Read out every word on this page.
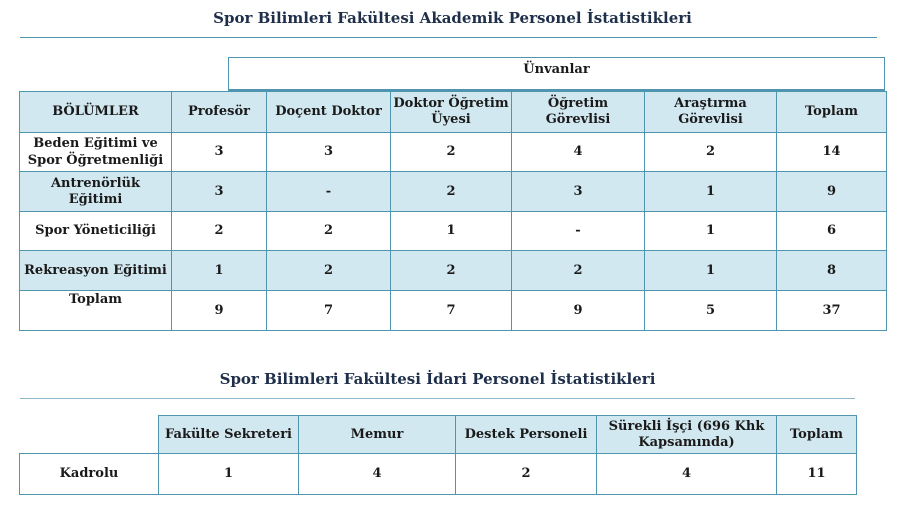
Spor Bilimleri Fakültesi Akademik Personel İstatistikleri
Ünvanlar
BÖLÜMLER	Profesör	Doçent Doktor	Doktor Öğretim Üyesi	Öğretim Görevlisi	Araştırma Görevlisi	Toplam
Beden Eğitimi ve Spor Öğretmenliği	3	3	2	4	2	14
Antrenörlük Eğitimi	3	-	2	3	1	9
Spor Yöneticiliği	2	2	1	-	1	6
Rekreasyon Eğitimi	1	2	2	2	1	8
Toplam	9	7	7	9	5	37
Spor Bilimleri Fakültesi İdari Personel İstatistikleri
	Fakülte Sekreteri	Memur	Destek Personeli	Sürekli İşçi (696 Khk Kapsamında)	Toplam
Kadrolu	1	4	2	4	11
